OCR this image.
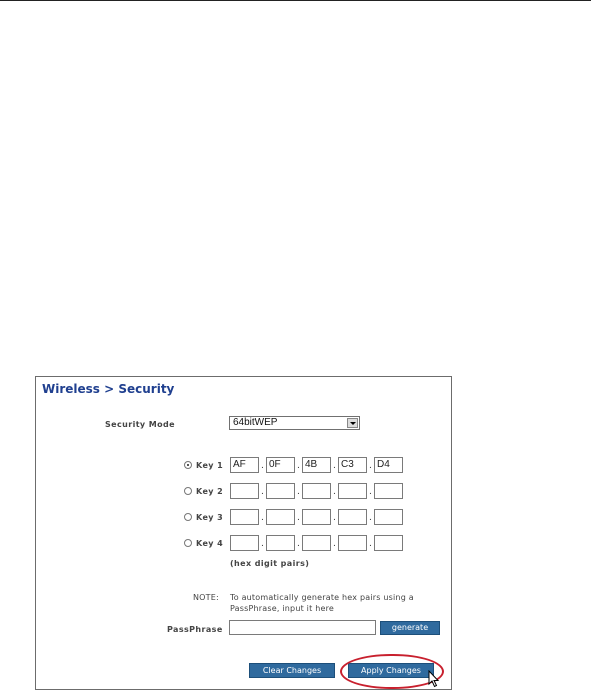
Wireless > Security
Security Mode	64bitWEP
Key 1 AF	. 0F	. 4B	. C3	. D4
Key 2	.	.	.	.
Key 3	.	.	.	.
Key 4	.	.	.	.
(hex digit pairs)
NOTE: To automatically generate hex pairs using a
PassPhrase, input it here
PassPhrase	generate
Clear Changes	Apply Changes
